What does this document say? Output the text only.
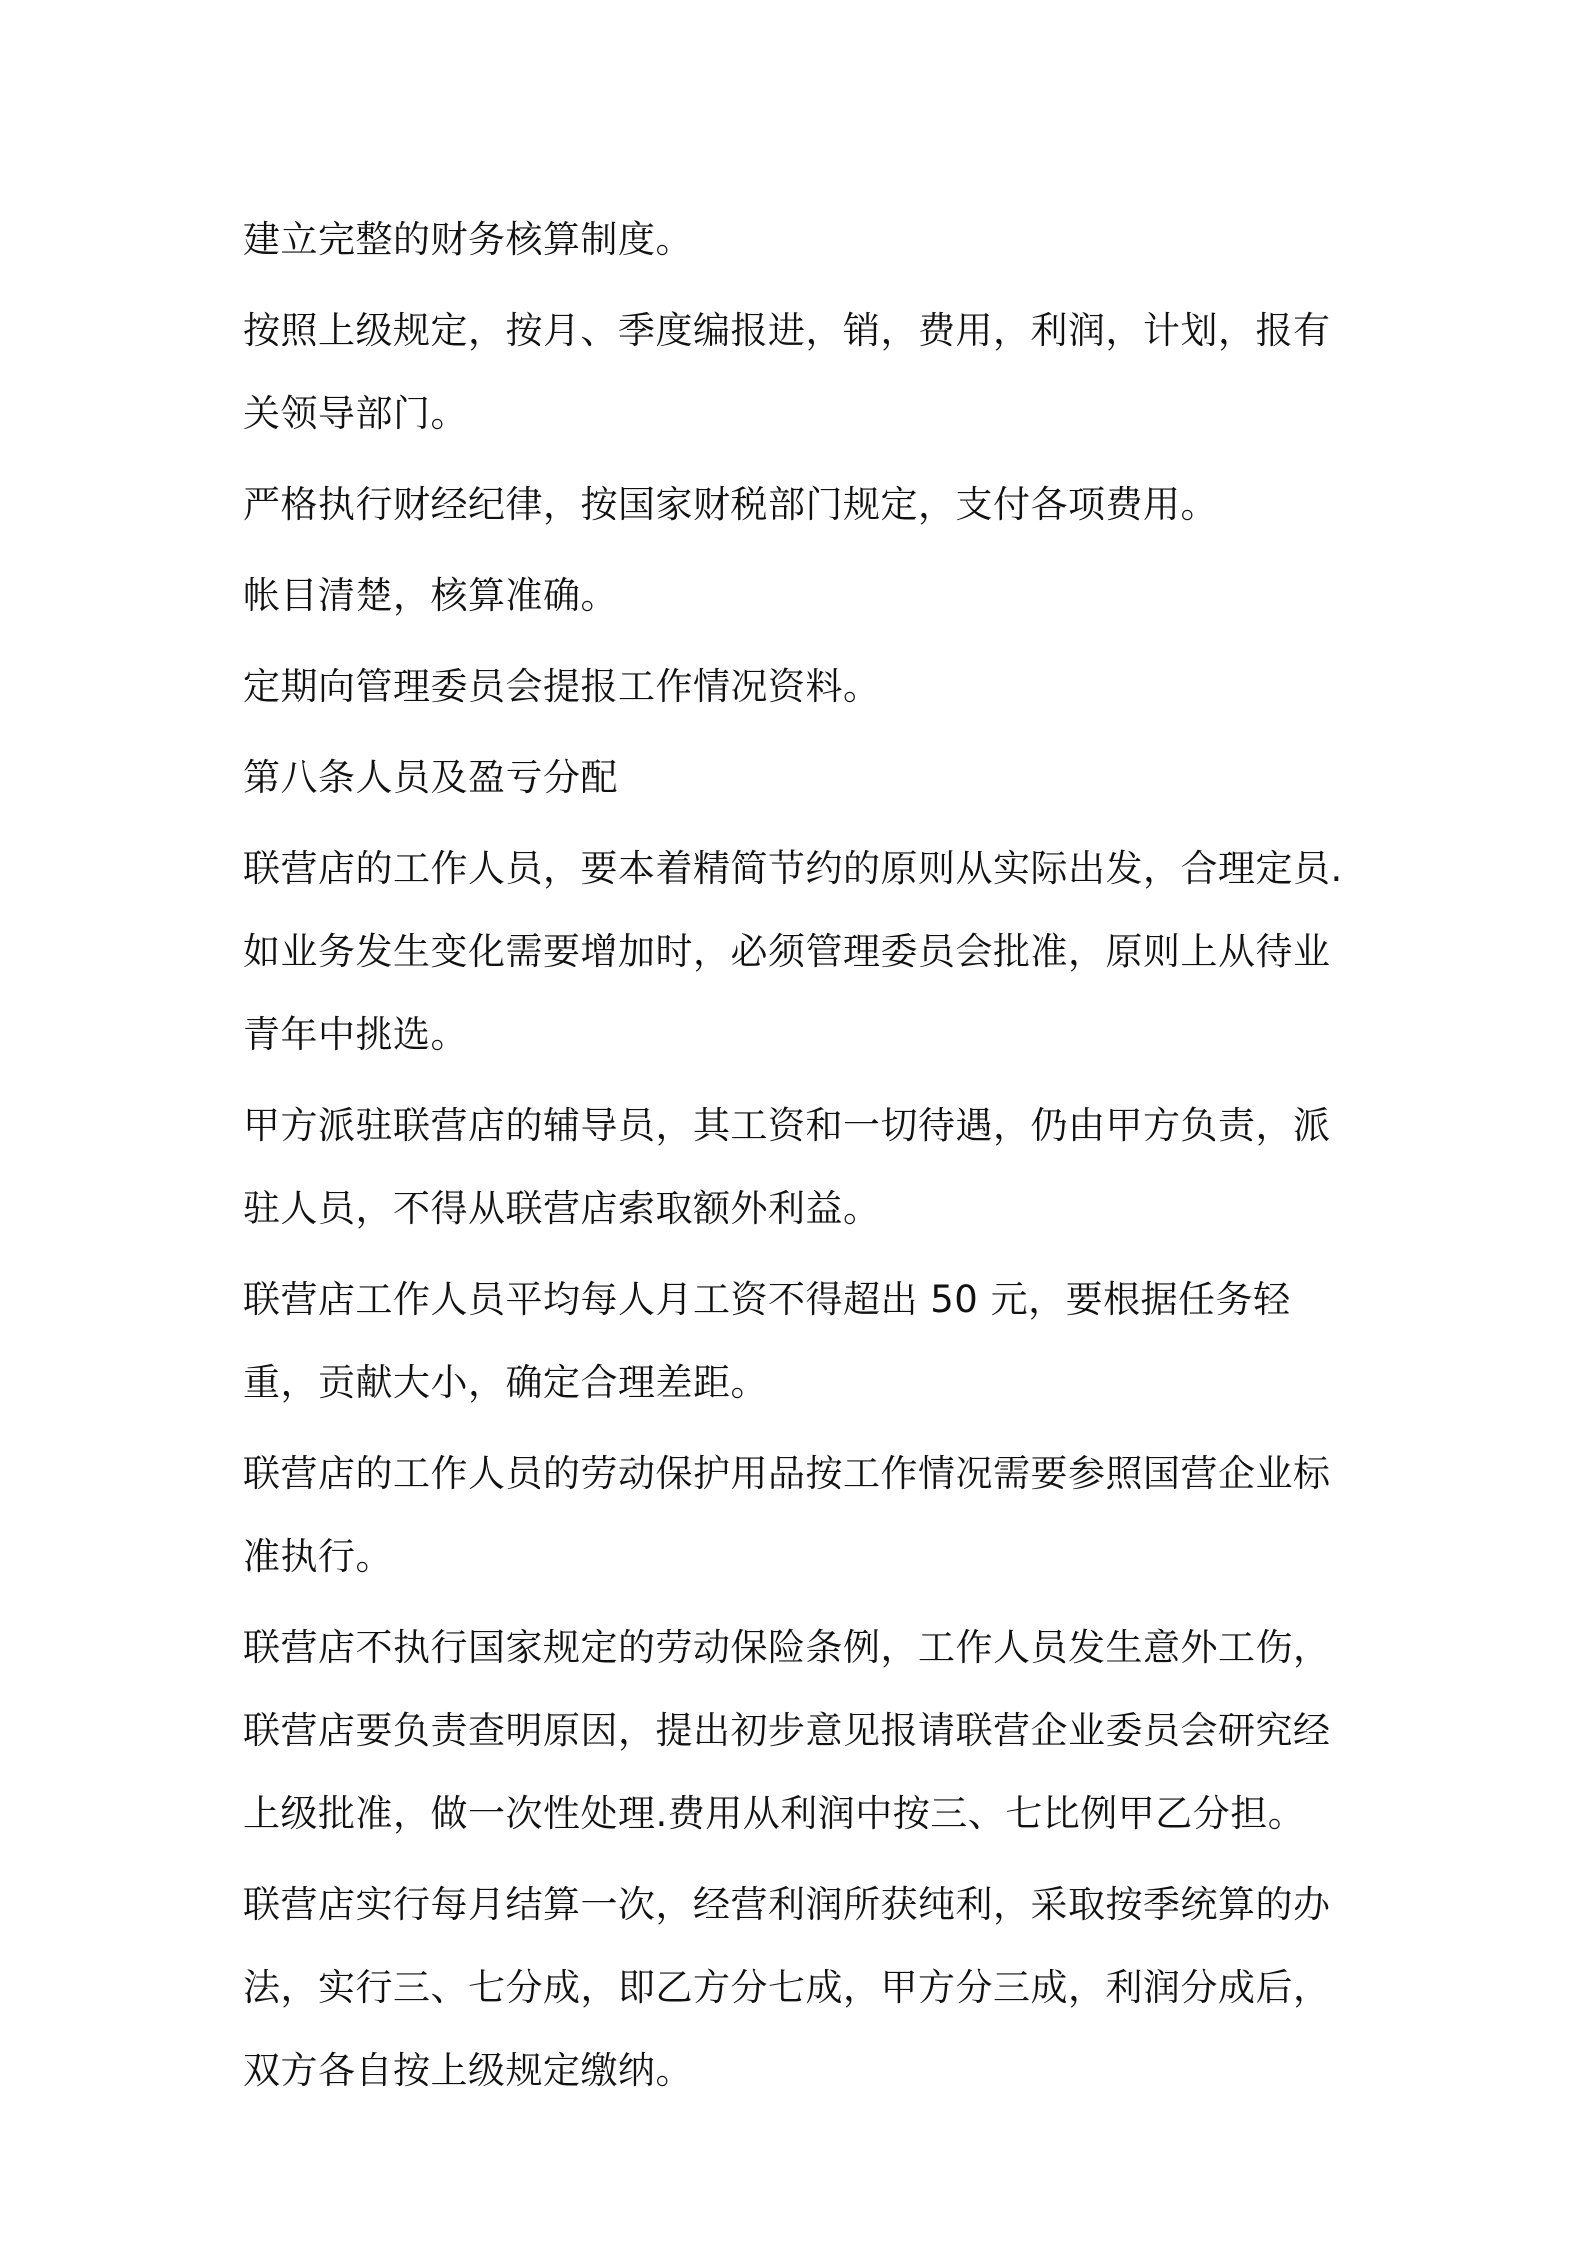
建立完整的财务核算制度。

按照上级规定，按月、季度编报进，销，费用，利润，计划，报有关领导部门。

严格执行财经纪律，按国家财税部门规定，支付各项费用。

帐目清楚，核算准确。

定期向管理委员会提报工作情况资料。

第八条人员及盈亏分配

联营店的工作人员，要本着精简节约的原则从实际出发，合理定员.如业务发生变化需要增加时，必须管理委员会批准，原则上从待业青年中挑选。

甲方派驻联营店的辅导员，其工资和一切待遇，仍由甲方负责，派驻人员，不得从联营店索取额外利益。

联营店工作人员平均每人月工资不得超出 50 元，要根据任务轻重，贡献大小，确定合理差距。

联营店的工作人员的劳动保护用品按工作情况需要参照国营企业标准执行。

联营店不执行国家规定的劳动保险条例，工作人员发生意外工伤，联营店要负责查明原因，提出初步意见报请联营企业委员会研究经上级批准，做一次性处理.费用从利润中按三、七比例甲乙分担。

联营店实行每月结算一次，经营利润所获纯利，采取按季统算的办法，实行三、七分成，即乙方分七成，甲方分三成，利润分成后，双方各自按上级规定缴纳。
